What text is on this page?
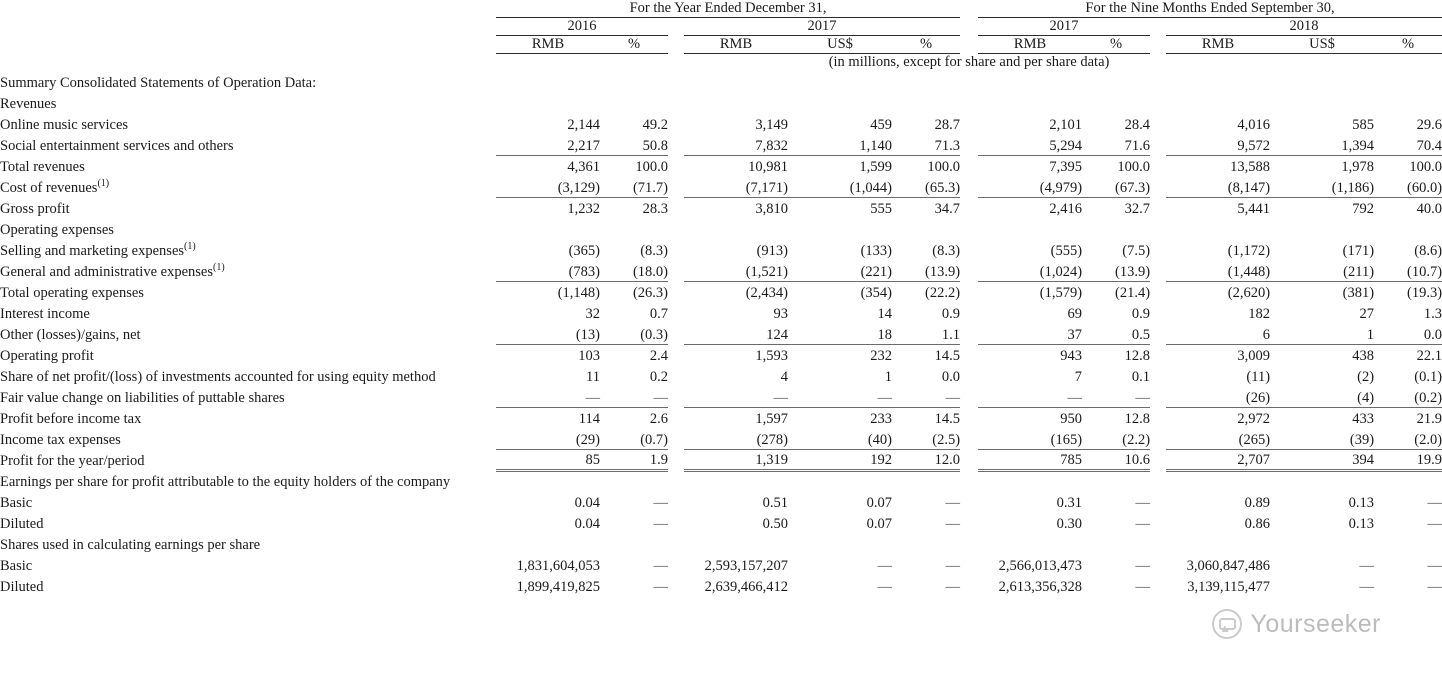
	For the Year Ended December 31,							For the Nine Months Ended September 30,					
	2016			2017				2017			2018		
	RMB	%		RMB	US$	%		RMB	%		RMB	US$	%
	(in millions, except for share and per share data)												
Summary Consolidated Statements of Operation Data:													
Revenues													
Online music services	2,144	49.2		3,149	459	28.7		2,101	28.4		4,016	585	29.6
Social entertainment services and others	2,217	50.8		7,832	1,140	71.3		5,294	71.6		9,572	1,394	70.4
Total revenues	4,361	100.0		10,981	1,599	100.0		7,395	100.0		13,588	1,978	100.0
Cost of revenues$^{(1)}$	(3,129)	(71.7)		(7,171)	(1,044)	(65.3)		(4,979)	(67.3)		(8,147)	(1,186)	(60.0)
Gross profit	1,232	28.3		3,810	555	34.7		2,416	32.7		5,441	792	40.0
Operating expenses													
Selling and marketing expenses$^{(1)}$	(365)	(8.3)		(913)	(133)	(8.3)		(555)	(7.5)		(1,172)	(171)	(8.6)
General and administrative expenses$^{(1)}$	(783)	(18.0)		(1,521)	(221)	(13.9)		(1,024)	(13.9)		(1,448)	(211)	(10.7)
Total operating expenses	(1,148)	(26.3)		(2,434)	(354)	(22.2)		(1,579)	(21.4)		(2,620)	(381)	(19.3)
Interest income	32	0.7		93	14	0.9		69	0.9		182	27	1.3
Other (losses)/gains, net	(13)	(0.3)		124	18	1.1		37	0.5		6	1	0.0
Operating profit	103	2.4		1,593	232	14.5		943	12.8		3,009	438	22.1
Share of net profit/(loss) of investments accounted for using equity method	11	0.2		4	1	0.0		7	0.1		(11)	(2)	(0.1)
Fair value change on liabilities of puttable shares	—	—		—	—	—		—	—		(26)	(4)	(0.2)
Profit before income tax	114	2.6		1,597	233	14.5		950	12.8		2,972	433	21.9
Income tax expenses	(29)	(0.7)		(278)	(40)	(2.5)		(165)	(2.2)		(265)	(39)	(2.0)
Profit for the year/period	85	1.9		1,319	192	12.0		785	10.6		2,707	394	19.9
Earnings per share for profit attributable to the equity holders of the company													
Basic	0.04	—		0.51	0.07	—		0.31	—		0.89	0.13	—
Diluted	0.04	—		0.50	0.07	—		0.30	—		0.86	0.13	—
Shares used in calculating earnings per share													
Basic	1,831,604,053	—		2,593,157,207	—	—		2,566,013,473	—		3,060,847,486	—	—
Diluted	1,899,419,825	—		2,639,466,412	—	—		2,613,356,328	—		3,139,115,477	—	—
Yourseeker
